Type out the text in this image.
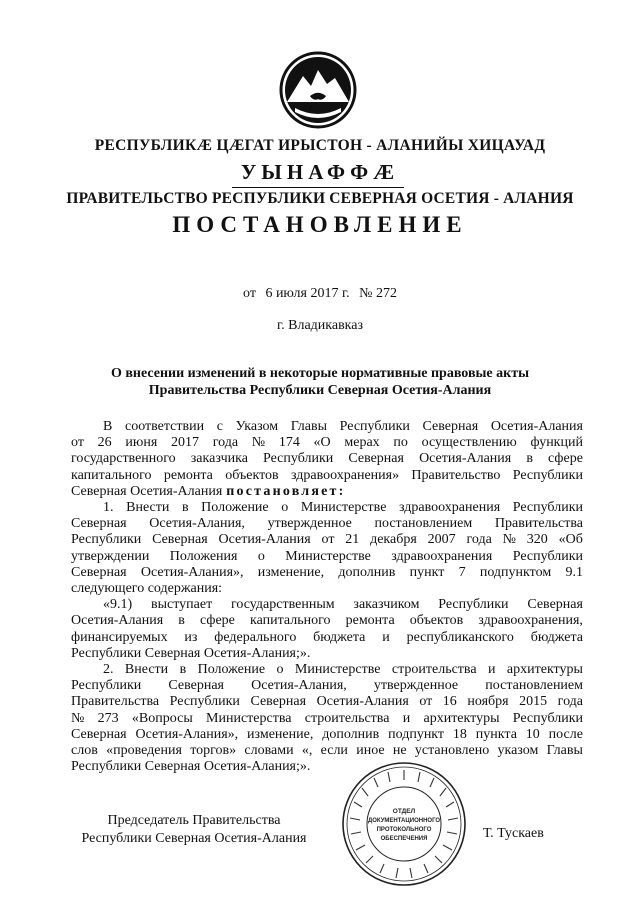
РЕСПУБЛИКÆ ЦÆГАТ ИРЫСТОН - АЛАНИЙЫ ХИЦАУАД
УЫНАФФÆ
ПРАВИТЕЛЬСТВО РЕСПУБЛИКИ СЕВЕРНАЯ ОСЕТИЯ - АЛАНИЯ
ПОСТАНОВЛЕНИЕ
от 6 июля 2017 г. № 272
г. Владикавказ
О внесении изменений в некоторые нормативные правовые акты
Правительства Республики Северная Осетия-Алания
В соответствии с Указом Главы Республики Северная Осетия-Алания
от 26 июня 2017 года № 174 «О мерах по осуществлению функций
государственного заказчика Республики Северная Осетия-Алания в сфере
капитального ремонта объектов здравоохранения» Правительство Республики
Северная Осетия-Алания постановляет:
1. Внести в Положение о Министерстве здравоохранения Республики
Северная Осетия-Алания, утвержденное постановлением Правительства
Республики Северная Осетия-Алания от 21 декабря 2007 года № 320 «Об
утверждении Положения о Министерстве здравоохранения Республики
Северная Осетия-Алания», изменение, дополнив пункт 7 подпунктом 9.1
следующего содержания:
«9.1) выступает государственным заказчиком Республики Северная
Осетия-Алания в сфере капитального ремонта объектов здравоохранения,
финансируемых из федерального бюджета и республиканского бюджета
Республики Северная Осетия-Алания;».
2. Внести в Положение о Министерстве строительства и архитектуры
Республики Северная Осетия-Алания, утвержденное постановлением
Правительства Республики Северная Осетия-Алания от 16 ноября 2015 года
№ 273 «Вопросы Министерства строительства и архитектуры Республики
Северная Осетия-Алания», изменение, дополнив подпункт 18 пункта 10 после
слов «проведения торгов» словами «, если иное не установлено указом Главы
Республики Северная Осетия-Алания;».
ОТДЕЛ
ДОКУМЕНТАЦИОННОГО
ПРОТОКОЛЬНОГО
ОБЕСПЕЧЕНИЯ
Председатель Правительства
Республики Северная Осетия-Алания	Т. Тускаев
